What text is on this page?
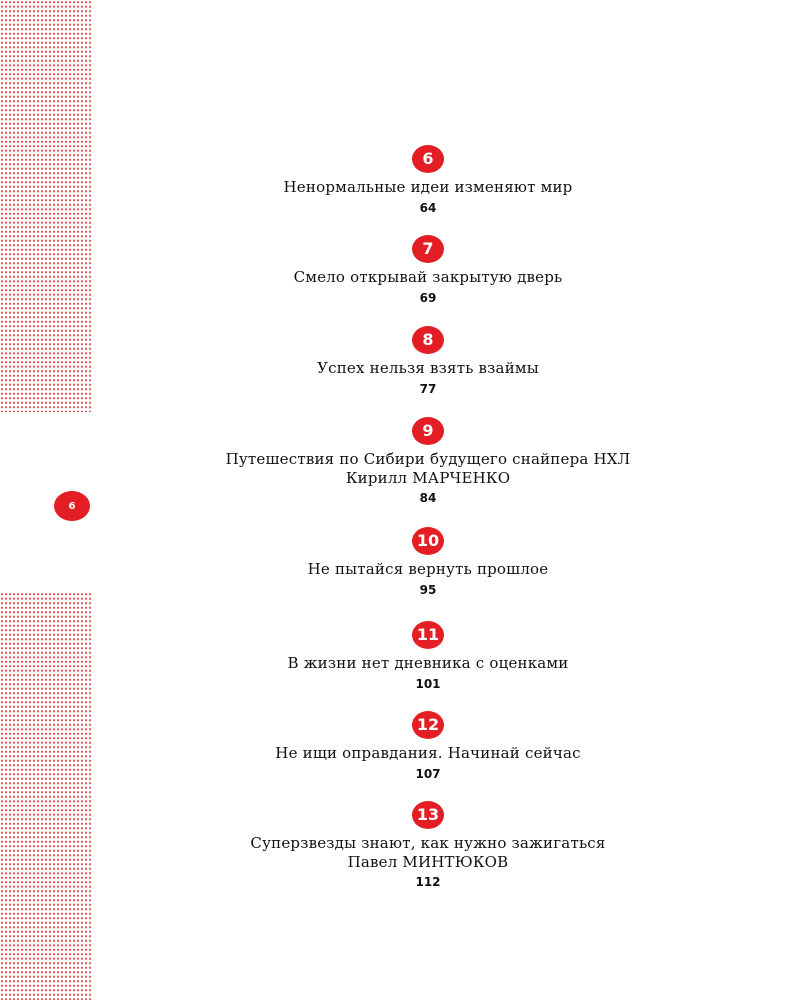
6
6
Ненормальные идеи изменяют мир
64
7
Смело открывай закрытую дверь
69
8
Успех нельзя взять взаймы
77
9
Путешествия по Сибири будущего снайпера НХЛ
Кирилл МАРЧЕНКО
84
10
Не пытайся вернуть прошлое
95
11
В жизни нет дневника с оценками
101
12
Не ищи оправдания. Начинай сейчас
107
13
Суперзвезды знают, как нужно зажигаться
Павел МИНТЮКОВ
112
